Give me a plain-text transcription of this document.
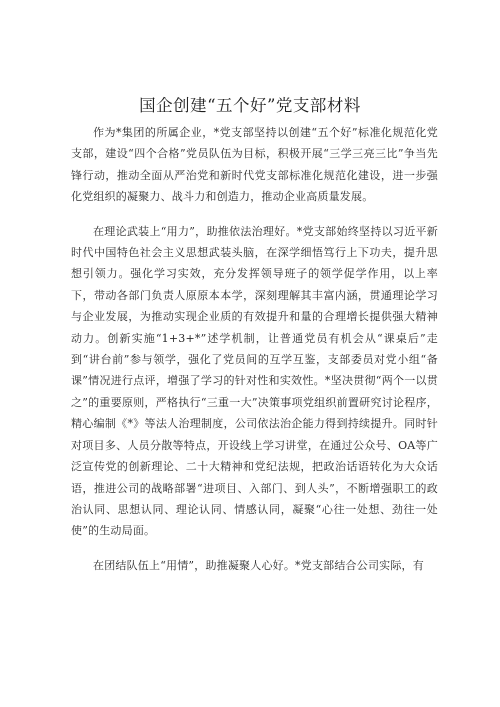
国企创建“五个好”党支部材料

作为*集团的所属企业，*党支部坚持以创建“五个好”标准化规范化党支部，建设“四个合格”党员队伍为目标，积极开展“三学三亮三比”争当先锋行动，推动全面从严治党和新时代党支部标准化规范化建设，进一步强化党组织的凝聚力、战斗力和创造力，推动企业高质量发展。

在理论武装上“用力”，助推依法治理好。*党支部始终坚持以习近平新时代中国特色社会主义思想武装头脑，在深学细悟笃行上下功夫，提升思想引领力。强化学习实效，充分发挥领导班子的领学促学作用，以上率下，带动各部门负责人原原本本学，深刻理解其丰富内涵，贯通理论学习与企业发展，为推动实现企业质的有效提升和量的合理增长提供强大精神动力。创新实施“1+3+*”述学机制，让普通党员有机会从“课桌后”走到“讲台前”参与领学，强化了党员间的互学互鉴，支部委员对党小组“备课”情况进行点评，增强了学习的针对性和实效性。*坚决贯彻“两个一以贯之”的重要原则，严格执行“三重一大”决策事项党组织前置研究讨论程序，精心编制《*》等法人治理制度，公司依法治企能力得到持续提升。同时针对项目多、人员分散等特点，开设线上学习讲堂，在通过公众号、OA等广泛宣传党的创新理论、二十大精神和党纪法规，把政治话语转化为大众话语，推进公司的战略部署“进项目、入部门、到人头”，不断增强职工的政治认同、思想认同、理论认同、情感认同，凝聚“心往一处想、劲往一处使”的生动局面。

在团结队伍上“用情”，助推凝聚人心好。*党支部结合公司实际，有
